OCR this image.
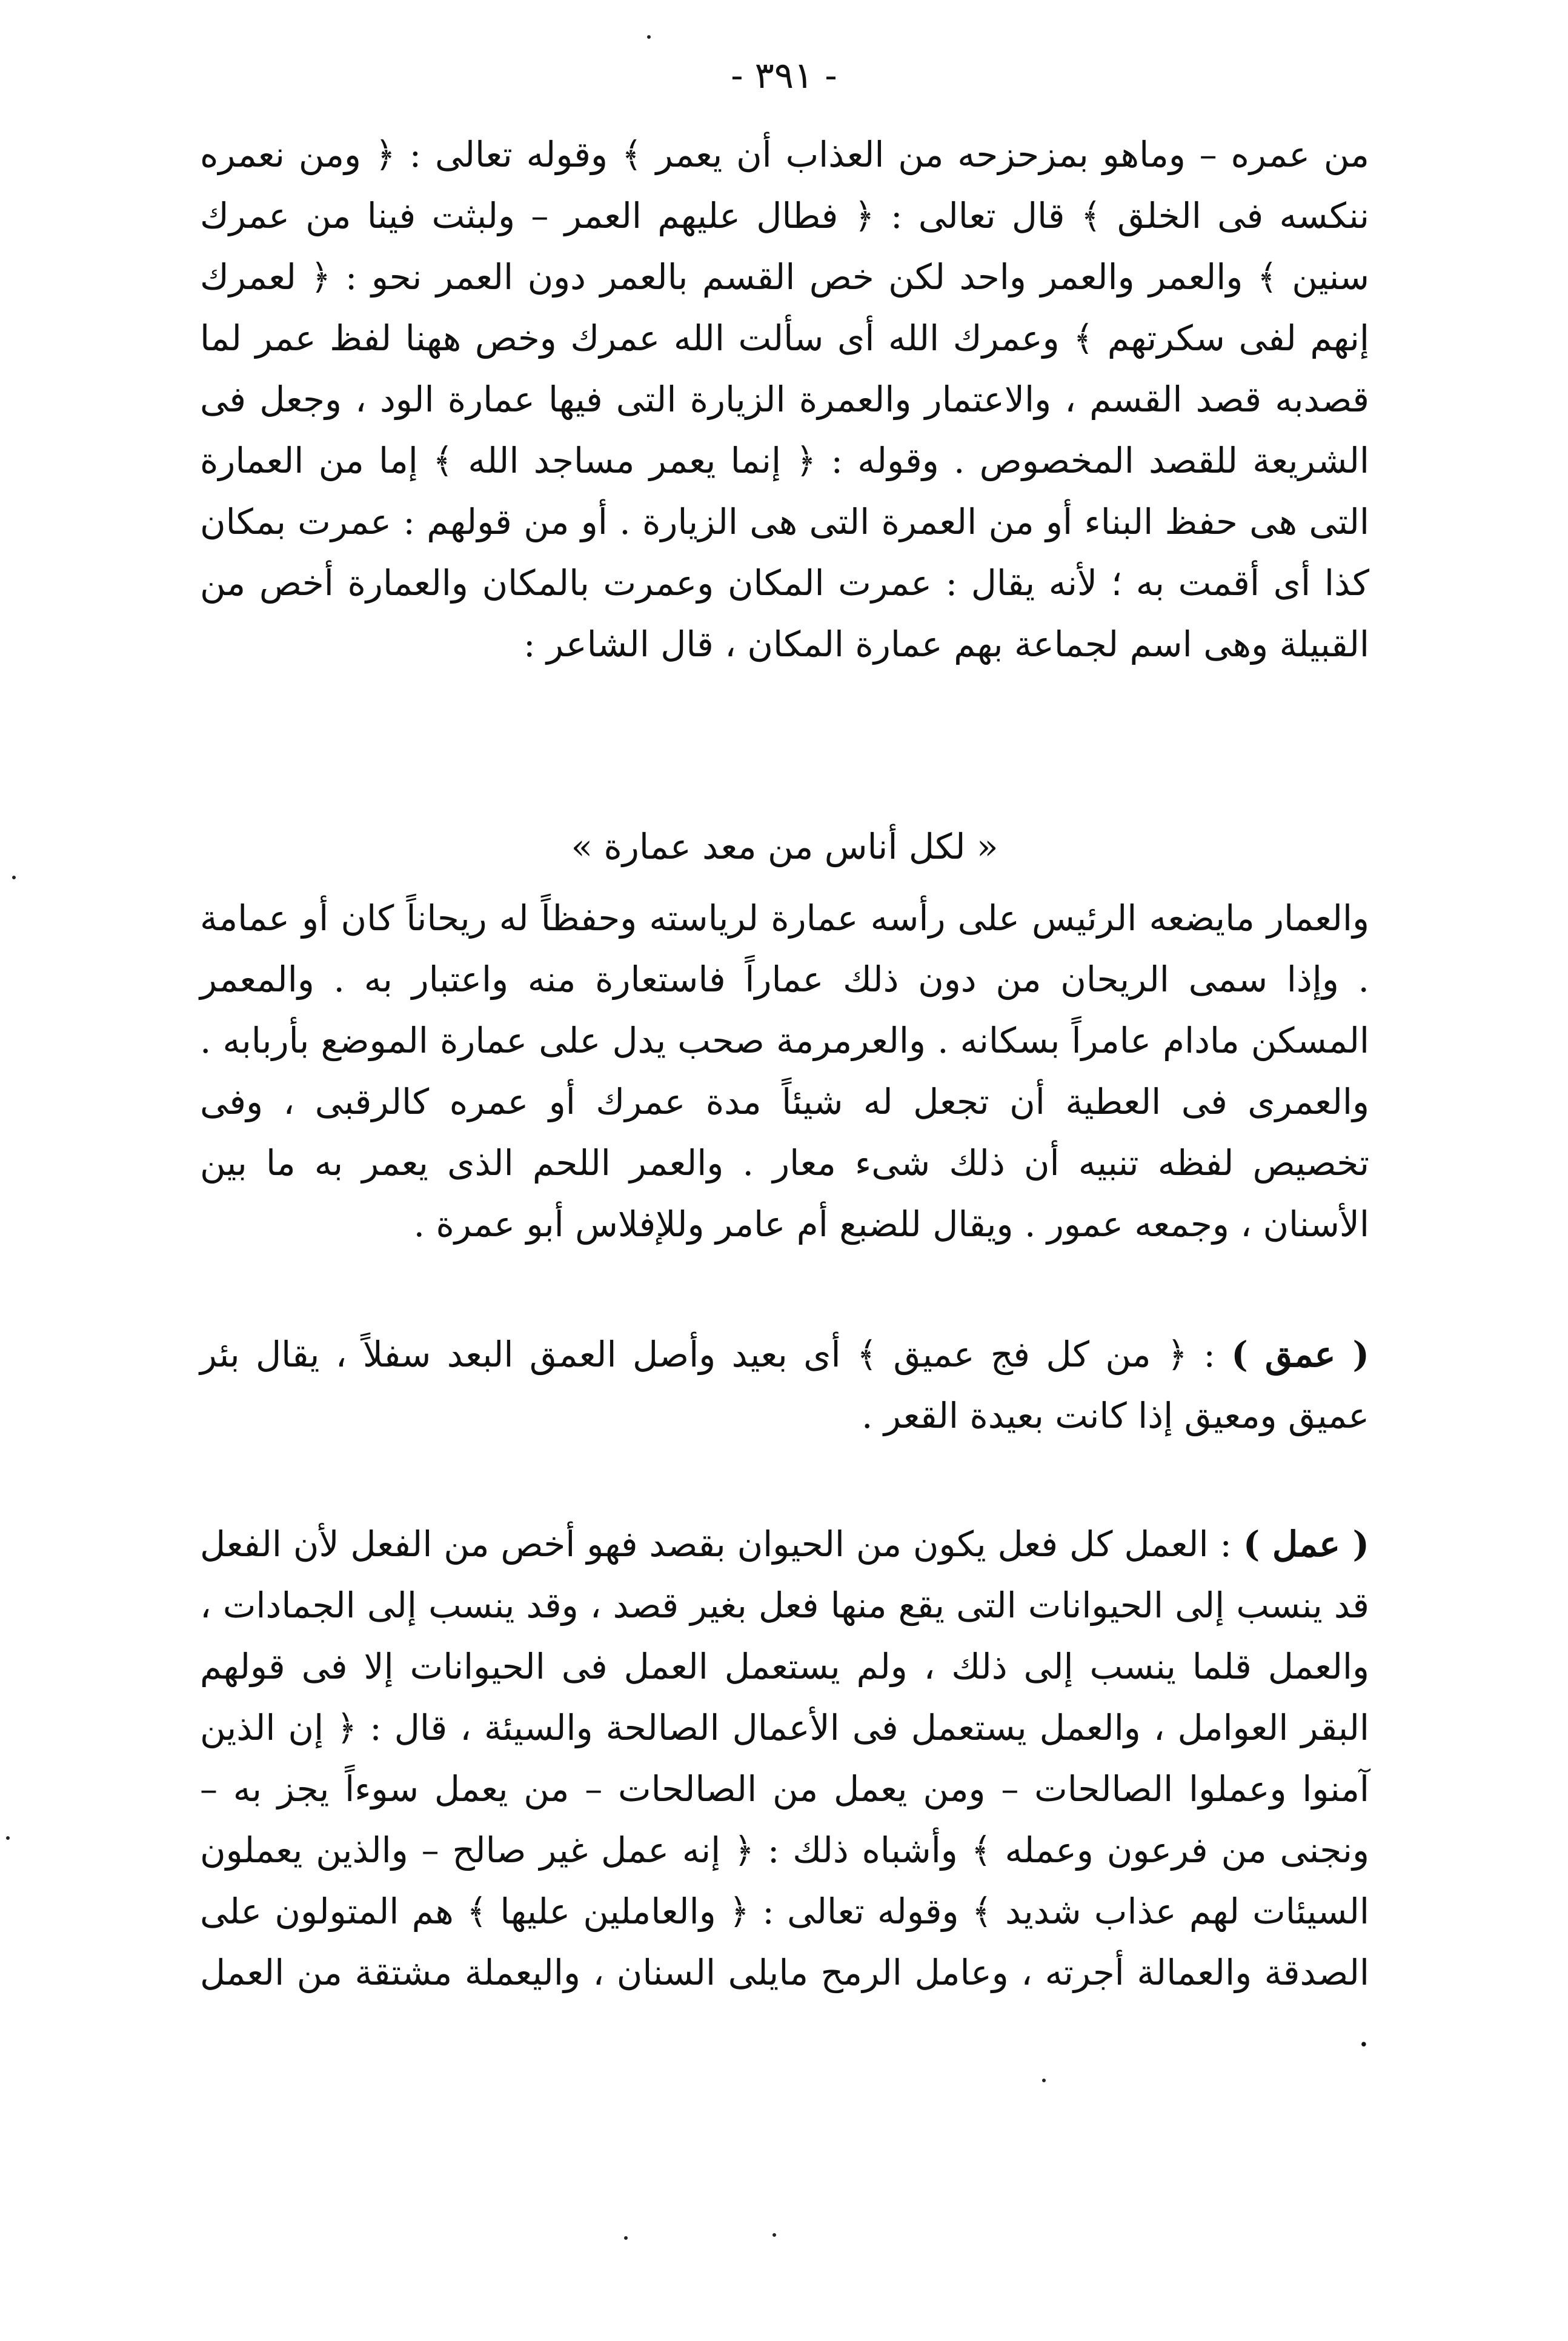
- ٣٩١ -
من عمره – وماهو بمزحزحه من العذاب أن يعمر ﴾ وقوله تعالى : ﴿ ومن نعمره ننكسه فى الخلق ﴾ قال تعالى : ﴿ فطال عليهم العمر – ولبثت فينا من عمرك سنين ﴾ والعمر والعمر واحد لكن خص القسم بالعمر دون العمر نحو : ﴿ لعمرك إنهم لفى سكرتهم ﴾ وعمرك الله أى سألت الله عمرك وخص ههنا لفظ عمر لما قصدبه قصد القسم ، والاعتمار والعمرة الزيارة التى فيها عمارة الود ، وجعل فى الشريعة للقصد المخصوص . وقوله : ﴿ إنما يعمر مساجد الله ﴾ إما من العمارة التى هى حفظ البناء أو من العمرة التى هى الزيارة . أو من قولهم : عمرت بمكان كذا أى أقمت به ؛ لأنه يقال : عمرت المكان وعمرت بالمكان والعمارة أخص من القبيلة وهى اسم لجماعة بهم عمارة المكان ، قال الشاعر :
« لكل أناس من معد عمارة »
والعمار مايضعه الرئيس على رأسه عمارة لرياسته وحفظاً له ريحاناً كان أو عمامة . وإذا سمى الريحان من دون ذلك عماراً فاستعارة منه واعتبار به . والمعمر المسكن مادام عامراً بسكانه . والعرمرمة صحب يدل على عمارة الموضع بأربابه . والعمرى فى العطية أن تجعل له شيئاً مدة عمرك أو عمره كالرقبى ، وفى تخصيص لفظه تنبيه أن ذلك شىء معار . والعمر اللحم الذى يعمر به ما بين الأسنان ، وجمعه عمور . ويقال للضبع أم عامر وللإفلاس أبو عمرة .
( عمق ) : ﴿ من كل فج عميق ﴾ أى بعيد وأصل العمق البعد سفلاً ، يقال بئر عميق ومعيق إذا كانت بعيدة القعر .
( عمل ) : العمل كل فعل يكون من الحيوان بقصد فهو أخص من الفعل لأن الفعل قد ينسب إلى الحيوانات التى يقع منها فعل بغير قصد ، وقد ينسب إلى الجمادات ، والعمل قلما ينسب إلى ذلك ، ولم يستعمل العمل فى الحيوانات إلا فى قولهم البقر العوامل ، والعمل يستعمل فى الأعمال الصالحة والسيئة ، قال : ﴿ إن الذين آمنوا وعملوا الصالحات – ومن يعمل من الصالحات – من يعمل سوءاً يجز به – ونجنى من فرعون وعمله ﴾ وأشباه ذلك : ﴿ إنه عمل غير صالح – والذين يعملون السيئات لهم عذاب شديد ﴾ وقوله تعالى : ﴿ والعاملين عليها ﴾ هم المتولون على الصدقة والعمالة أجرته ، وعامل الرمح مايلى السنان ، واليعملة مشتقة من العمل .
